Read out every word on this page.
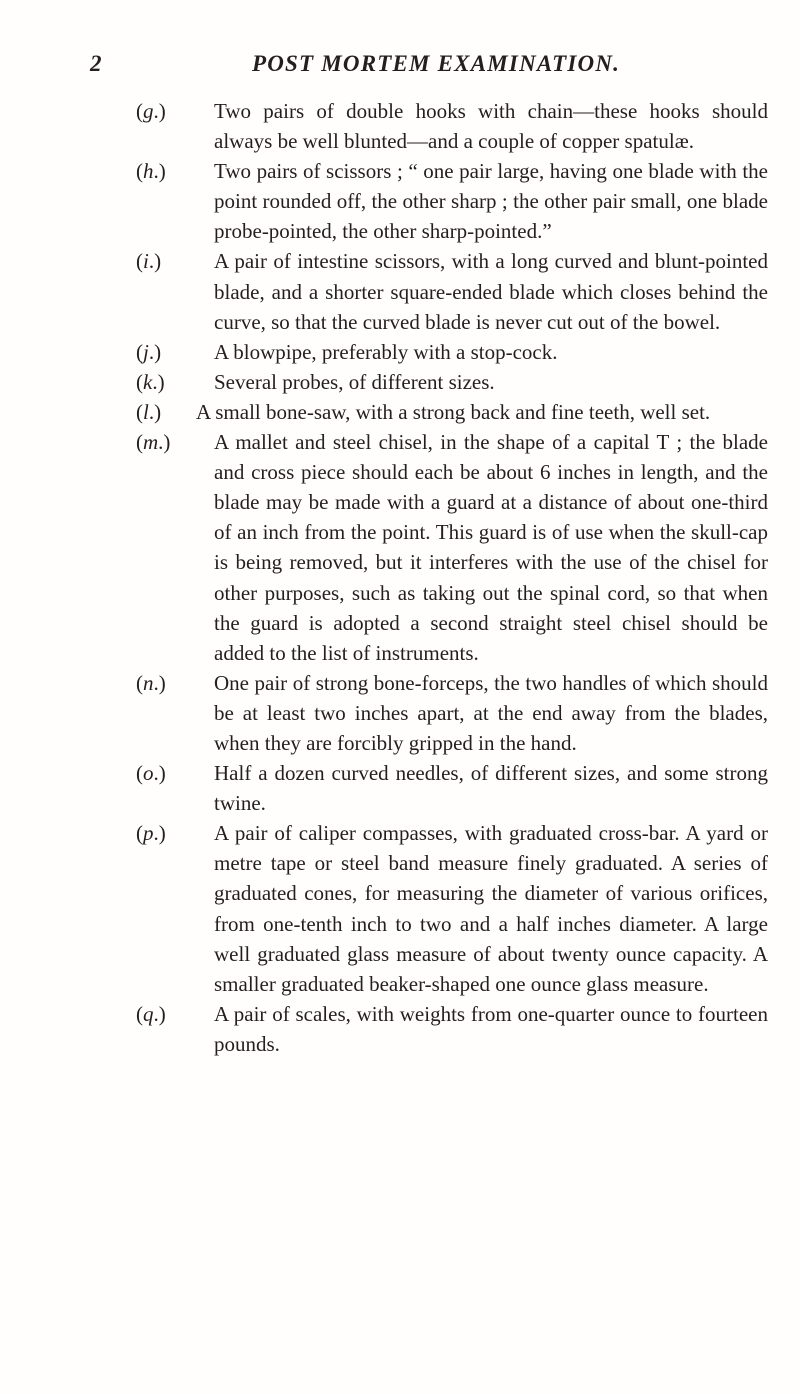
2	POST MORTEM EXAMINATION.

(g.) Two pairs of double hooks with chain—these hooks should always be well blunted—and a couple of copper spatulæ.

(h.) Two pairs of scissors ; “ one pair large, having one blade with the point rounded off, the other sharp ; the other pair small, one blade probe-pointed, the other sharp-pointed.”

(i.)	A pair of intestine scissors, with a long curved and blunt-pointed blade, and a shorter square-ended blade which closes behind the curve, so that the curved blade is never cut out of the bowel.

(j.)	A blowpipe, preferably with a stop-cock.

(k.) Several probes, of different sizes.

(l.) A small bone-saw, with a strong back and fine teeth, well set.

(m.) A mallet and steel chisel, in the shape of a capital T ; the blade and cross piece should each be about 6 inches in length, and the blade may be made with a guard at a distance of about one-third of an inch from the point. This guard is of use when the skull-cap is being removed, but it interferes with the use of the chisel for other purposes, such as taking out the spinal cord, so that when the guard is adopted a second straight steel chisel should be added to the list of instruments.

(n.) One pair of strong bone-forceps, the two handles of which should be at least two inches apart, at the end away from the blades, when they are forcibly gripped in the hand.

(o.) Half a dozen curved needles, of different sizes, and some strong twine.

(p.) A pair of caliper compasses, with graduated cross-bar. A yard or metre tape or steel band measure finely graduated. A series of graduated cones, for measuring the diameter of various orifices, from one-tenth inch to two and a half inches diameter. A large well graduated glass measure of about twenty ounce capacity. A smaller graduated beaker-shaped one ounce glass measure.

(q.) A pair of scales, with weights from one-quarter ounce to fourteen pounds.
